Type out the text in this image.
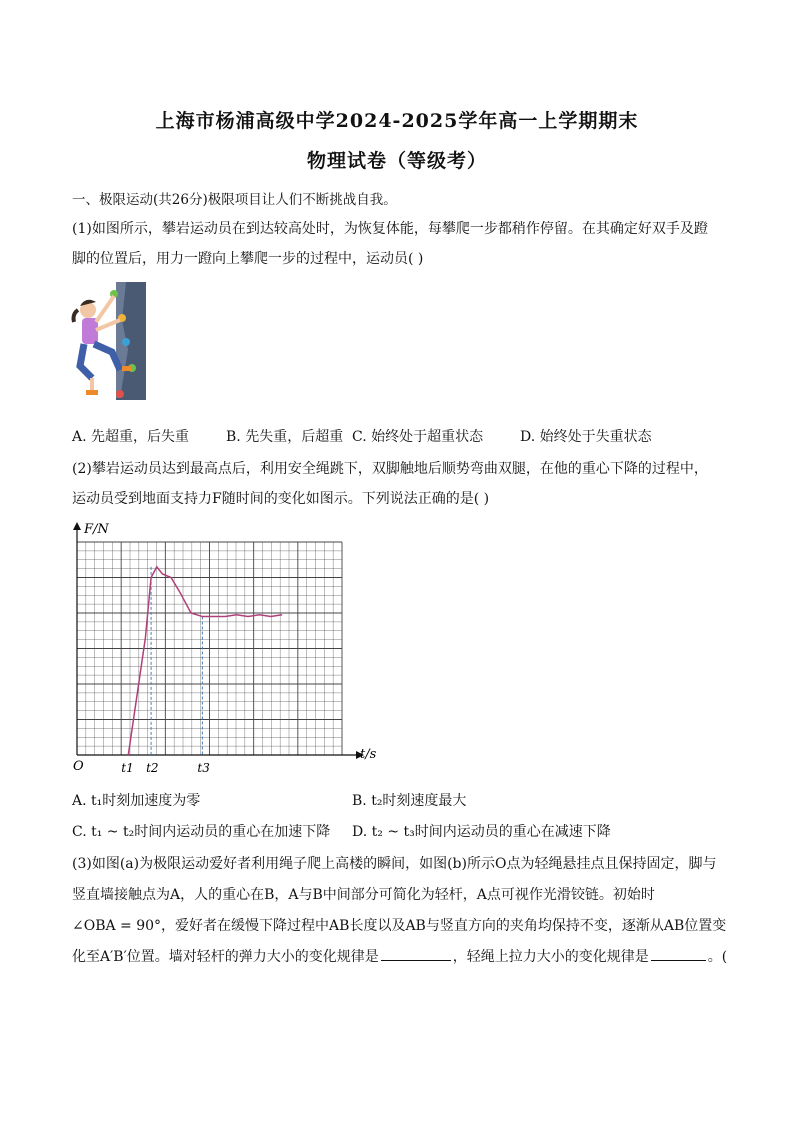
上海市杨浦高级中学2024-2025学年高一上学期期末
物理试卷（等级考）
一、极限运动(共26分)极限项目让人们不断挑战自我。
(1)如图所示，攀岩运动员在到达较高处时，为恢复体能，每攀爬一步都稍作停留。在其确定好双手及蹬
脚的位置后，用力一蹬向上攀爬一步的过程中，运动员( )
A. 先超重，后失重	B. 先失重，后超重 C. 始终处于超重状态	D. 始终处于失重状态
(2)攀岩运动员达到最高点后，利用安全绳跳下，双脚触地后顺势弯曲双腿，在他的重心下降的过程中，
运动员受到地面支持力F随时间的变化如图示。下列说法正确的是( )
F/N
t/s
O	t1 t2	t3
A. t₁时刻加速度为零	B. t₂时刻速度最大
C. t₁ ~ t₂时间内运动员的重心在加速下降 D. t₂ ~ t₃时间内运动员的重心在减速下降
(3)如图(a)为极限运动爱好者利用绳子爬上高楼的瞬间，如图(b)所示O点为轻绳悬挂点且保持固定，脚与
竖直墙接触点为A，人的重心在B，A与B中间部分可简化为轻杆，A点可视作光滑铰链。初始时
∠OBA = 90°，爱好者在缓慢下降过程中AB长度以及AB与竖直方向的夹角均保持不变，逐渐从AB位置变
化至A′B′位置。墙对轻杆的弹力大小的变化规律是	，轻绳上拉力大小的变化规律是	。(
